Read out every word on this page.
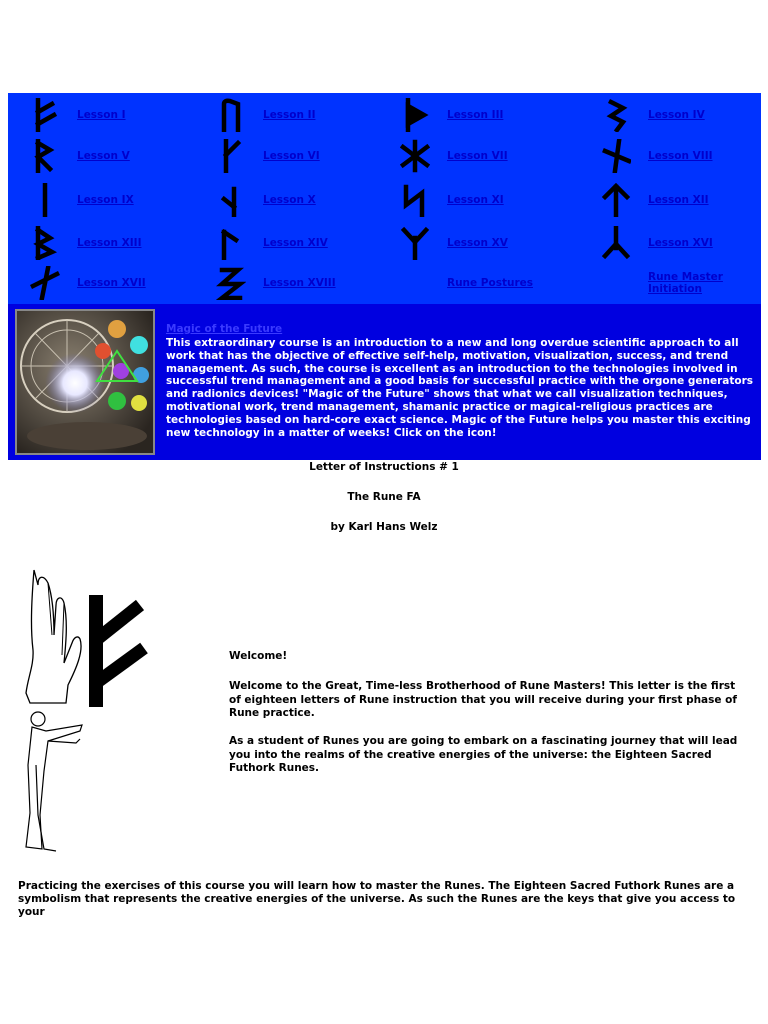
Lesson I	Lesson II	Lesson III	Lesson IV
Lesson V	Lesson VI	Lesson VII	Lesson VIII
Lesson IX	Lesson X	Lesson XI	Lesson XII
Lesson XIII	Lesson XIV	Lesson XV	Lesson XVI
Lesson XVII	Lesson XVIII	Rune Postures	Rune Master Initiation
Magic of the Future
This extraordinary course is an introduction to a new and long overdue scientific approach to all work that has the objective of effective self-help, motivation, visualization, success, and trend management. As such, the course is excellent as an introduction to the technologies involved in successful trend management and a good basis for successful practice with the orgone generators and radionics devices! "Magic of the Future" shows that what we call visualization techniques, motivational work, trend management, shamanic practice or magical-religious practices are technologies based on hard-core exact science. Magic of the Future helps you master this exciting new technology in a matter of weeks! Click on the icon!
Letter of Instructions # 1
The Rune FA
by Karl Hans Welz
Welcome!
Welcome to the Great, Time-less Brotherhood of Rune Masters! This letter is the first of eighteen letters of Rune instruction that you will receive during your first phase of Rune practice.
As a student of Runes you are going to embark on a fascinating journey that will lead you into the realms of the creative energies of the universe: the Eighteen Sacred Futhork Runes.
Practicing the exercises of this course you will learn how to master the Runes. The Eighteen Sacred Futhork Runes are a symbolism that represents the creative energies of the universe. As such the Runes are the keys that give you access to your
